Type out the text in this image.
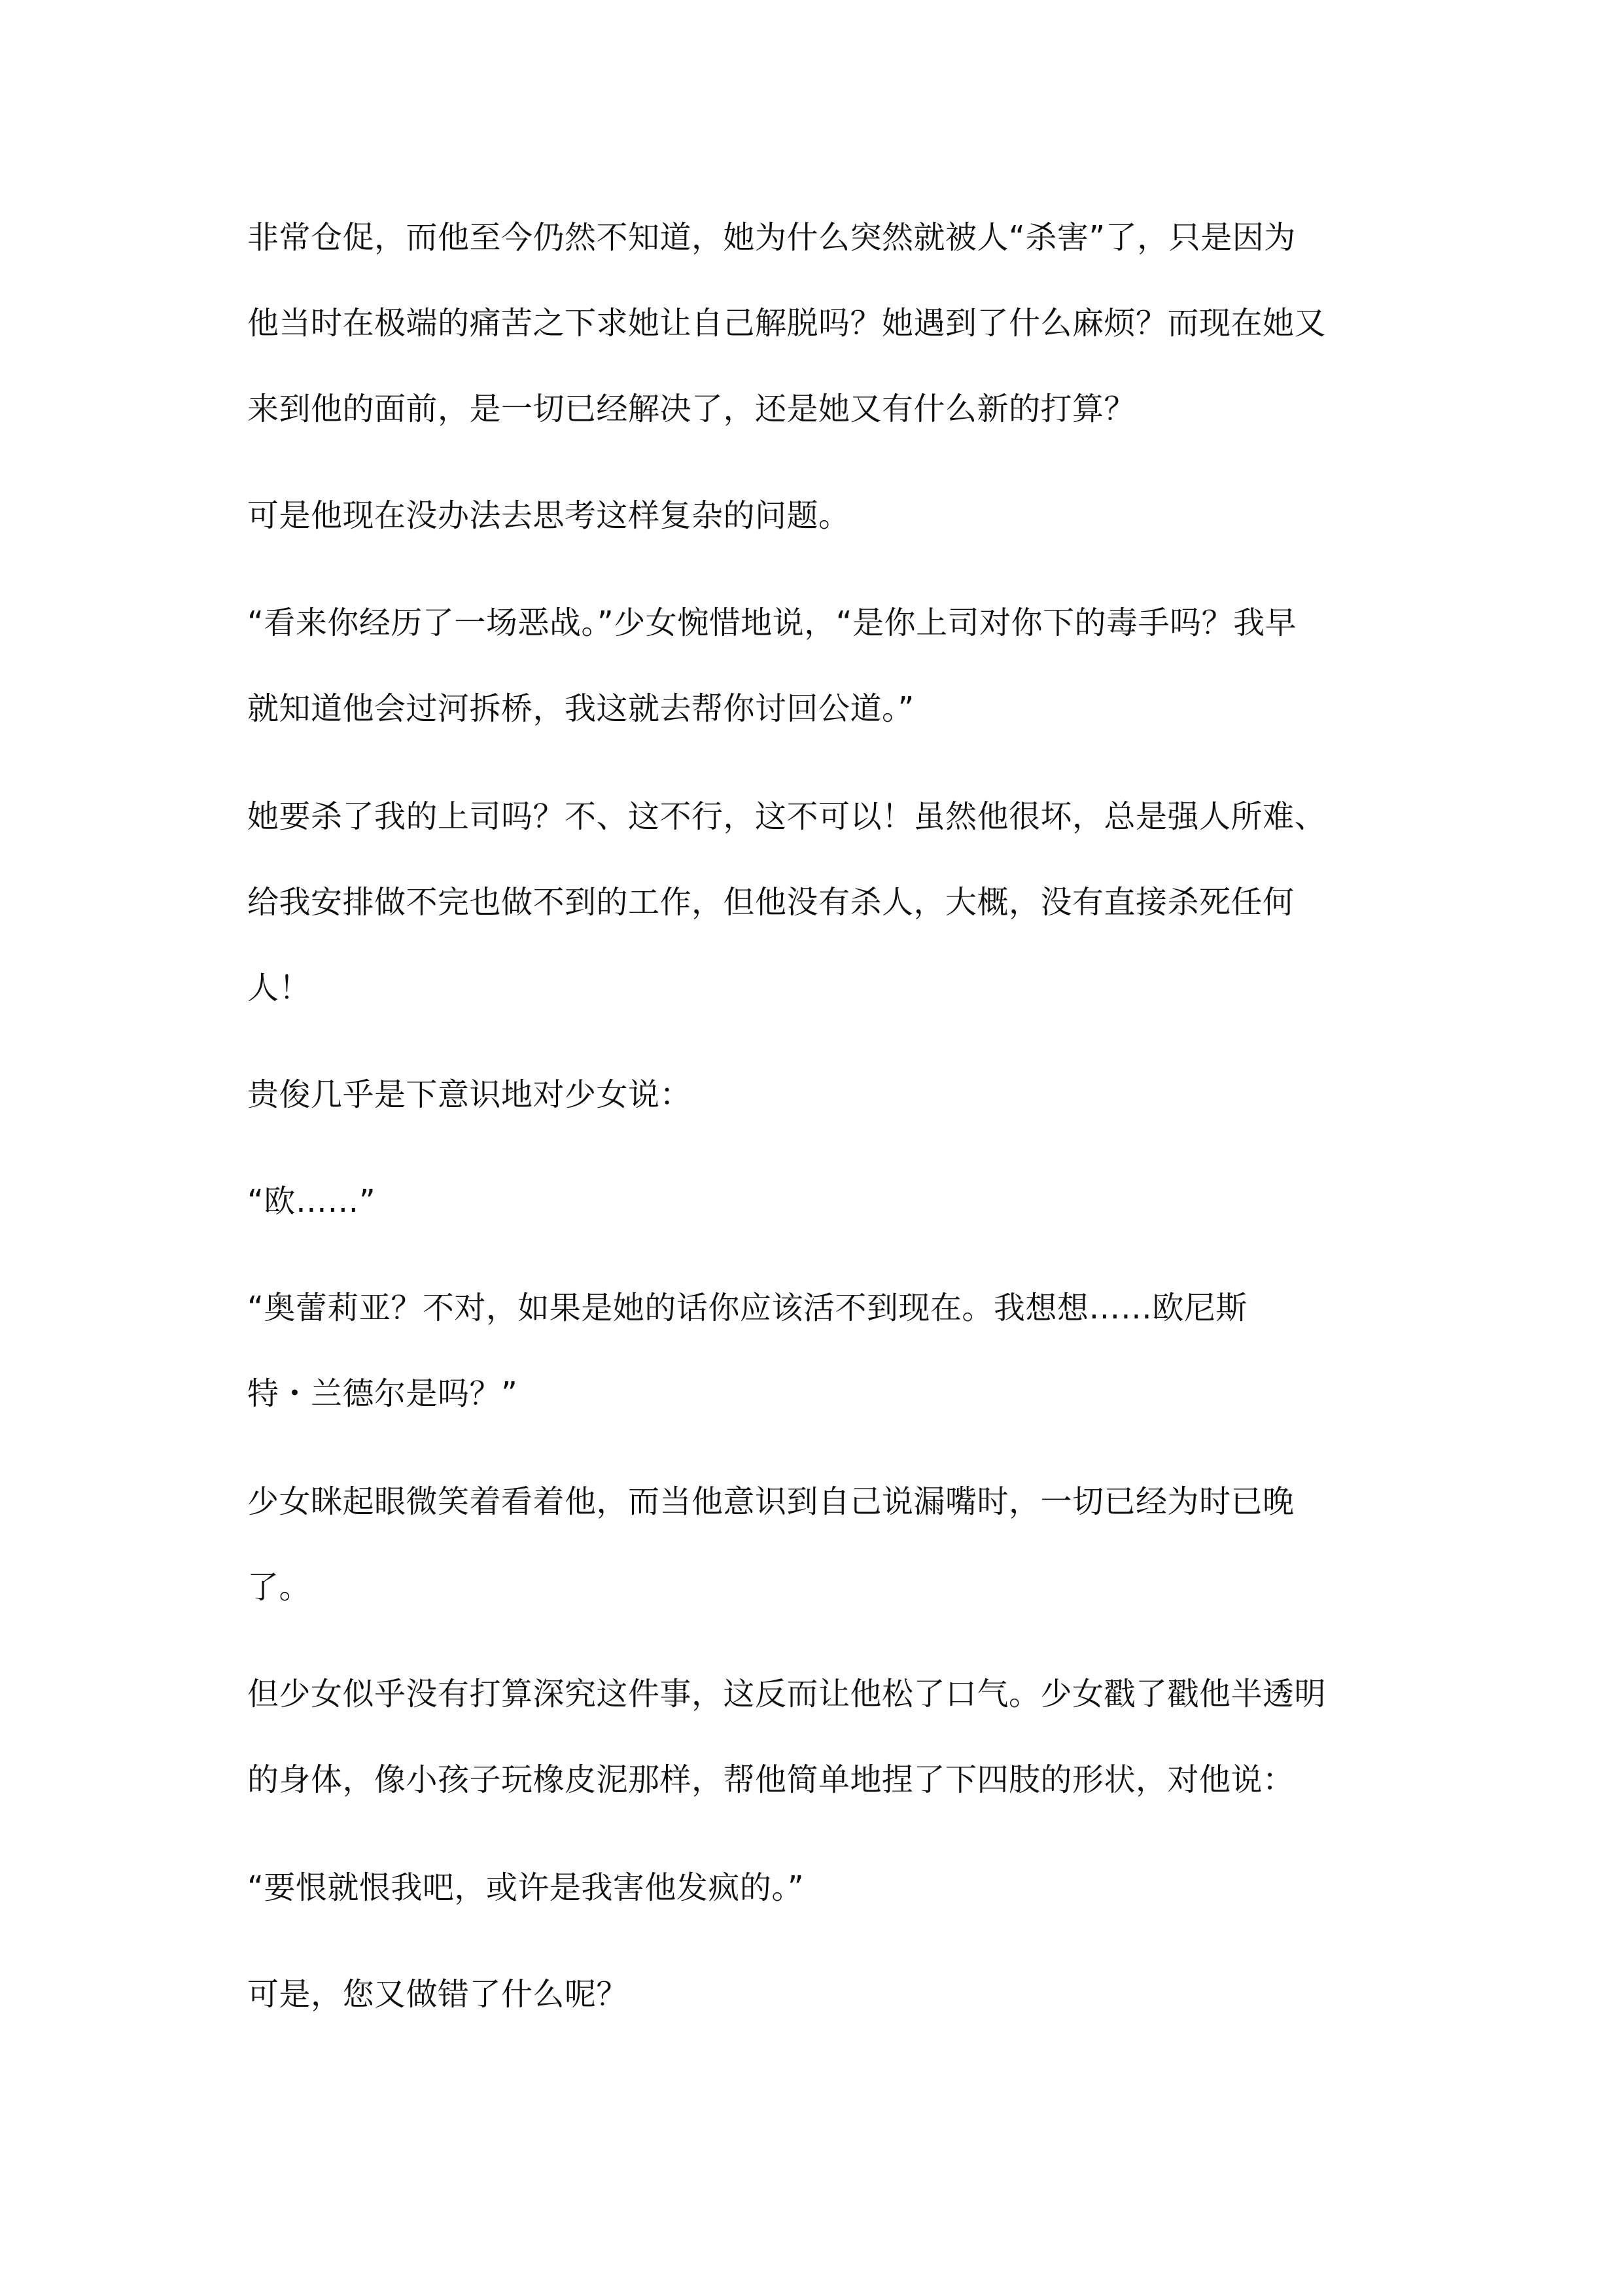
非常仓促，而他至今仍然不知道，她为什么突然就被人“杀害”了，只是因为
他当时在极端的痛苦之下求她让自己解脱吗？她遇到了什么麻烦？而现在她又
来到他的面前，是一切已经解决了，还是她又有什么新的打算？
可是他现在没办法去思考这样复杂的问题。
“看来你经历了一场恶战。”少女惋惜地说，“是你上司对你下的毒手吗？我早
就知道他会过河拆桥，我这就去帮你讨回公道。”
她要杀了我的上司吗？不、这不行，这不可以！虽然他很坏，总是强人所难、
给我安排做不完也做不到的工作，但他没有杀人，大概，没有直接杀死任何
人！
贵俊几乎是下意识地对少女说：
“欧……”
“奥蕾莉亚？不对，如果是她的话你应该活不到现在。我想想……欧尼斯
特・兰德尔是吗？”
少女眯起眼微笑着看着他，而当他意识到自己说漏嘴时，一切已经为时已晚
了。
但少女似乎没有打算深究这件事，这反而让他松了口气。少女戳了戳他半透明
的身体，像小孩子玩橡皮泥那样，帮他简单地捏了下四肢的形状，对他说：
“要恨就恨我吧，或许是我害他发疯的。”
可是，您又做错了什么呢？
